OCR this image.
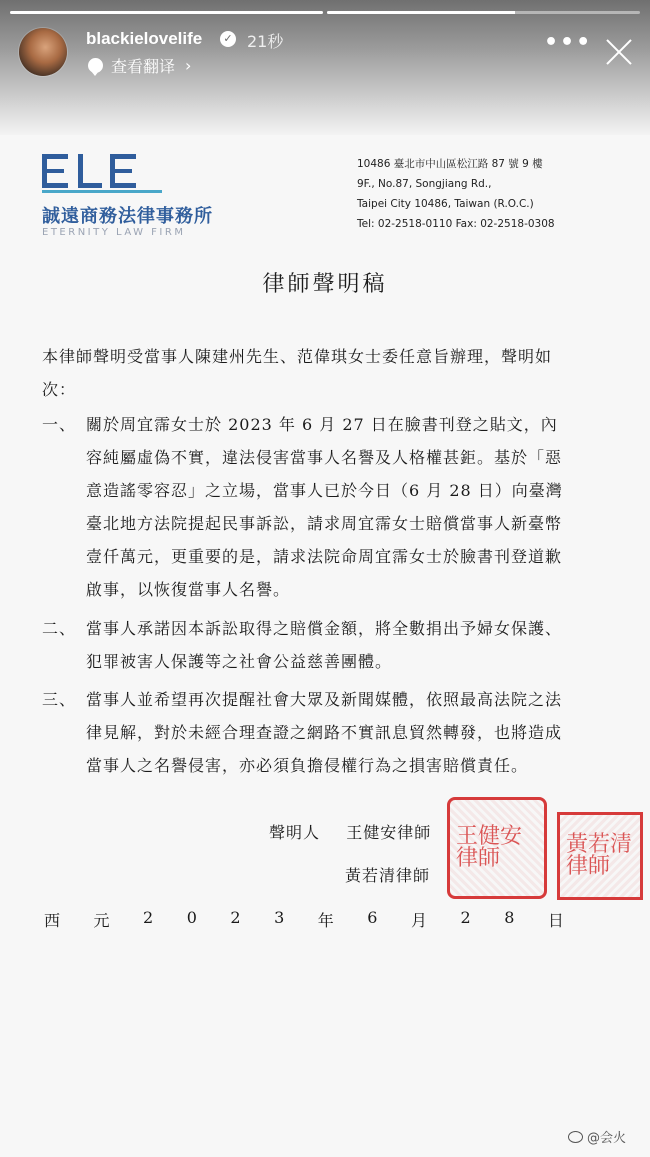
blackielovelife	✓ 21秒
查看翻译 ›
•••
誠遠商務法律事務所
ETERNITY LAW FIRM
10486 臺北市中山區松江路 87 號 9 樓
9F., No.87, Songjiang Rd.,
Taipei City 10486, Taiwan (R.O.C.)
Tel: 02-2518-0110 Fax: 02-2518-0308
律師聲明稿
本律師聲明受當事人陳建州先生、范偉琪女士委任意旨辦理，聲明如次：
一、 關於周宜霈女士於 2023 年 6 月 27 日在臉書刊登之貼文，內容純屬虛偽不實，違法侵害當事人名譽及人格權甚鉅。基於「惡意造謠零容忍」之立場，當事人已於今日（6 月 28 日）向臺灣臺北地方法院提起民事訴訟，請求周宜霈女士賠償當事人新臺幣壹仟萬元，更重要的是，請求法院命周宜霈女士於臉書刊登道歉啟事，以恢復當事人名譽。
二、 當事人承諾因本訴訟取得之賠償金額，將全數捐出予婦女保護、犯罪被害人保護等之社會公益慈善團體。
三、 當事人並希望再次提醒社會大眾及新聞媒體，依照最高法院之法律見解，對於未經合理查證之網路不實訊息貿然轉發，也將造成當事人之名譽侵害，亦必須負擔侵權行為之損害賠償責任。
聲明人 王健安律師
黃若清律師
王健安律師
黃若清律師
西 元 2 0 2 3 年 6 月 2 8 日
@会火
